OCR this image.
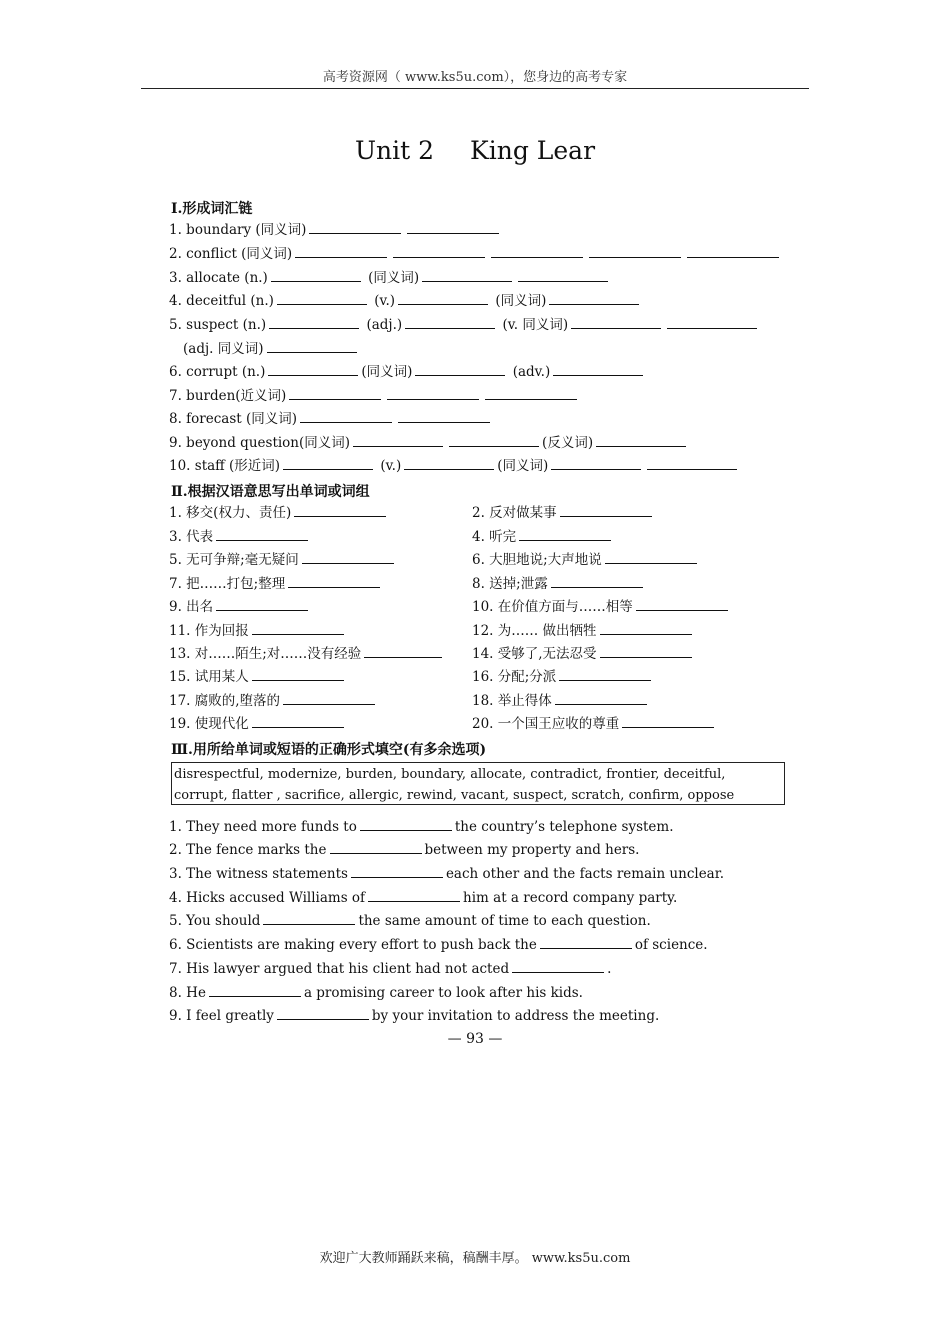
高考资源网（ www.ks5u.com），您身边的高考专家
Unit 2 King Lear
Ⅰ.形成词汇链
1. boundary (同义词)
2. conflict (同义词)
3. allocate (n.)	(同义词)
4. deceitful (n.)	(v.)	(同义词)
5. suspect (n.)	(adj.)	(v. 同义词)
(adj. 同义词)
6. corrupt (n.)	(同义词)	(adv.)
7. burden(近义词)
8. forecast (同义词)
9. beyond question(同义词)	(反义词)
10. staff (形近词)	(v.)	(同义词)
Ⅱ.根据汉语意思写出单词或词组
1. 移交(权力、责任)	2. 反对做某事
3. 代表	4. 听完
5. 无可争辩;毫无疑问	6. 大胆地说;大声地说
7. 把……打包;整理	8. 送掉;泄露
9. 出名	10. 在价值方面与……相等
11. 作为回报	12. 为…… 做出牺牲
13. 对……陌生;对……没有经验	14. 受够了,无法忍受
15. 试用某人	16. 分配;分派
17. 腐败的,堕落的	18. 举止得体
19. 使现代化	20. 一个国王应收的尊重
Ⅲ.用所给单词或短语的正确形式填空(有多余选项)
disrespectful, modernize, burden, boundary, allocate, contradict, frontier, deceitful,
corrupt, flatter , sacrifice, allergic, rewind, vacant, suspect, scratch, confirm, oppose
1. They need more funds to	the country’s telephone system.
2. The fence marks the	between my property and hers.
3. The witness statements	each other and the facts remain unclear.
4. Hicks accused Williams of	him at a record company party.
5. You should	the same amount of time to each question.
6. Scientists are making every effort to push back the	of science.
7. His lawyer argued that his client had not acted	.
8. He	a promising career to look after his kids.
9. I feel greatly	by your invitation to address the meeting.
— 93 —
欢迎广大教师踊跃来稿，稿酬丰厚。 www.ks5u.com
